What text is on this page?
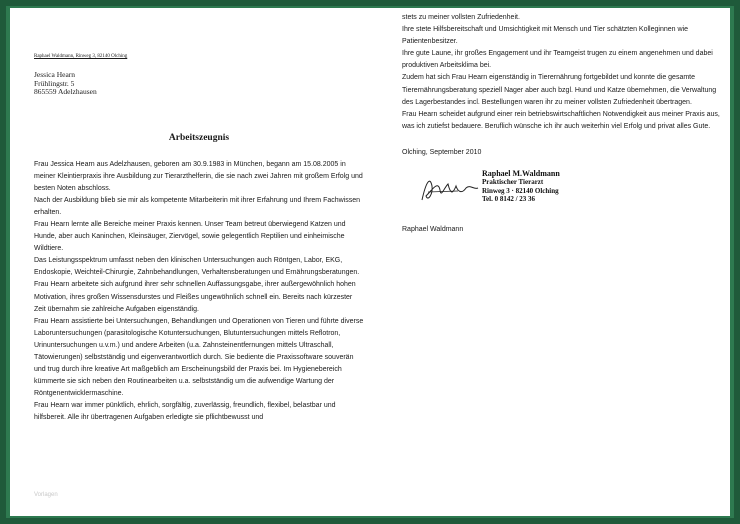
Raphael Waldmann, Rinweg 3, 82140 Olching
Jessica Hearn
Frühlingstr. 5
865559 Adelzhausen
Arbeitszeugnis

Frau Jessica Hearn aus Adelzhausen, geboren am 30.9.1983 in München, begann am 15.08.2005 in meiner Kleintierpraxis ihre Ausbildung zur Tierarzthelferin, die sie nach zwei Jahren mit großem Erfolg und besten Noten abschloss.

Nach der Ausbildung blieb sie mir als kompetente Mitarbeiterin mit ihrer Erfahrung und Ihrem Fachwissen erhalten.

Frau Hearn lernte alle Bereiche meiner Praxis kennen. Unser Team betreut überwiegend Katzen und Hunde, aber auch Kaninchen, Kleinsäuger, Ziervögel, sowie gelegentlich Reptilien und einheimische Wildtiere.

Das Leistungsspektrum umfasst neben den klinischen Untersuchungen auch Röntgen, Labor, EKG, Endoskopie, Weichteil-Chirurgie, Zahnbehandlungen, Verhaltensberatungen und Ernährungsberatungen.

Frau Hearn arbeitete sich aufgrund ihrer sehr schnellen Auffassungsgabe, ihrer außergewöhnlich hohen Motivation, ihres großen Wissensdurstes und Fleißes ungewöhnlich schnell ein. Bereits nach kürzester Zeit übernahm sie zahlreiche Aufgaben eigenständig.

Frau Hearn assistierte bei Untersuchungen, Behandlungen und Operationen von Tieren und führte diverse Laboruntersuchungen (parasitologische Kotuntersuchungen, Blutuntersuchungen mittels Reflotron, Urinuntersuchungen u.v.m.) und andere Arbeiten (u.a. Zahnsteinentfernungen mittels Ultraschall, Tätowierungen) selbstständig und eigenverantwortlich durch. Sie bediente die Praxissoftware souverän und trug durch ihre kreative Art maßgeblich am Erscheinungsbild der Praxis bei. Im Hygienebereich kümmerte sie sich neben den Routinearbeiten u.a. selbstständig um die aufwendige Wartung der Röntgenentwicklermaschine.

Frau Hearn war immer pünktlich, ehrlich, sorgfältig, zuverlässig, freundlich, flexibel, belastbar und hilfsbereit. Alle ihr übertragenen Aufgaben erledigte sie pflichtbewusst und

stets zu meiner vollsten Zufriedenheit.

Ihre stete Hilfsbereitschaft und Umsichtigkeit mit Mensch und Tier schätzten Kolleginnen wie Patientenbesitzer.

Ihre gute Laune, ihr großes Engagement und ihr Teamgeist trugen zu einem angenehmen und dabei produktiven Arbeitsklima bei.

Zudem hat sich Frau Hearn eigenständig in Tierernährung fortgebildet und konnte die gesamte Tierernährungsberatung speziell Nager aber auch bzgl. Hund und Katze übernehmen, die Verwaltung des Lagerbestandes incl. Bestellungen waren ihr zu meiner vollsten Zufriedenheit übertragen.

Frau Hearn scheidet aufgrund einer rein betriebswirtschaftlichen Notwendigkeit aus meiner Praxis aus, was ich zutiefst bedauere. Beruflich wünsche ich ihr auch weiterhin viel Erfolg und privat alles Gute.

Olching, September 2010
Raphael M.Waldmann
Praktischer Tierarzt
Rinweg 3 · 82140 Olching
Tel. 0 8142 / 23 36
Raphael Waldmann
Vorlagen
